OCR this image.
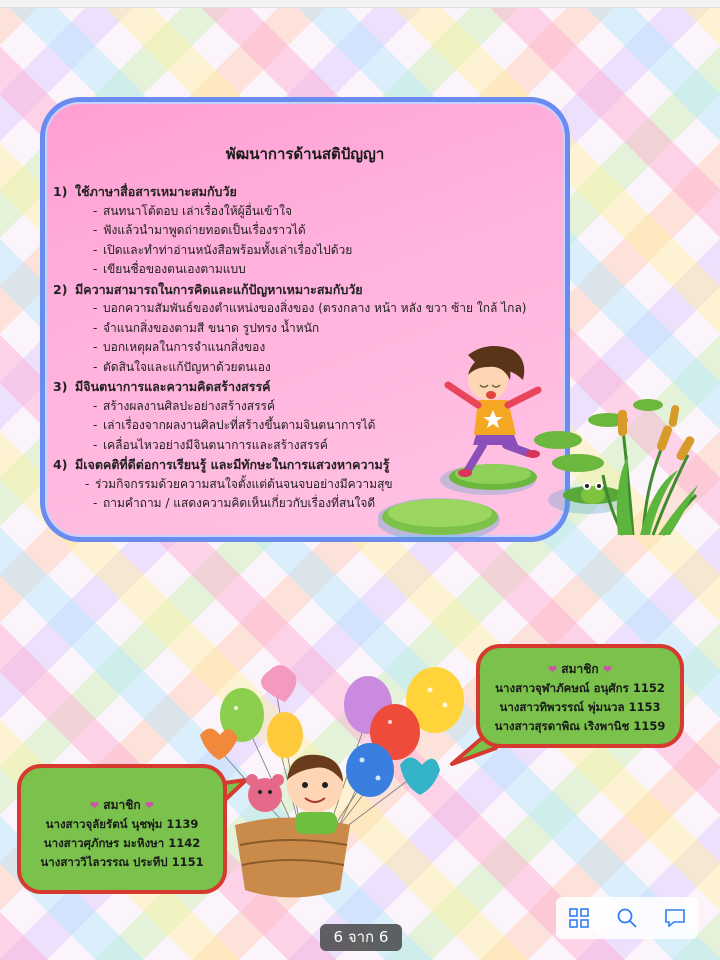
พัฒนาการด้านสติปัญญา
1) ใช้ภาษาสื่อสารเหมาะสมกับวัย
- สนทนาโต้ตอบ เล่าเรื่องให้ผู้อื่นเข้าใจ
- ฟังแล้วนำมาพูดถ่ายทอดเป็นเรื่องราวได้
- เปิดและทำท่าอ่านหนังสือพร้อมทั้งเล่าเรื่องไปด้วย
- เขียนชื่อของตนเองตามแบบ
2) มีความสามารถในการคิดและแก้ปัญหาเหมาะสมกับวัย
- บอกความสัมพันธ์ของตำแหน่งของสิ่งของ (ตรงกลาง หน้า หลัง ขวา ซ้าย ใกล้ ไกล)
- จำแนกสิ่งของตามสี ขนาด รูปทรง น้ำหนัก
- บอกเหตุผลในการจำแนกสิ่งของ
- ตัดสินใจและแก้ปัญหาด้วยตนเอง
3) มีจินตนาการและความคิดสร้างสรรค์
- สร้างผลงานศิลปะอย่างสร้างสรรค์
- เล่าเรื่องจากผลงานศิลปะที่สร้างขึ้นตามจินตนาการได้
- เคลื่อนไหวอย่างมีจินตนาการและสร้างสรรค์
4) มีเจตคติที่ดีต่อการเรียนรู้ และมีทักษะในการแสวงหาความรู้
- ร่วมกิจกรรมด้วยความสนใจตั้งแต่ต้นจนจบอย่างมีความสุข
- ถามคำถาม / แสดงความคิดเห็นเกี่ยวกับเรื่องที่สนใจดี
❤ สมาชิก ❤
นางสาวจุฬาภัคษณ์ อนุศักร 1152
นางสาวทิพวรรณ์ พุ่มนวล 1153
นางสาวสุรดาพิณ เริงพานิช 1159
❤ สมาชิก ❤
นางสาวจุลัยรัตน์ นุชพุ่ม 1139
นางสาวศุภักษร มะหิงษา 1142
นางสาววิไลวรรณ ประทีป 1151
6 จาก 6
